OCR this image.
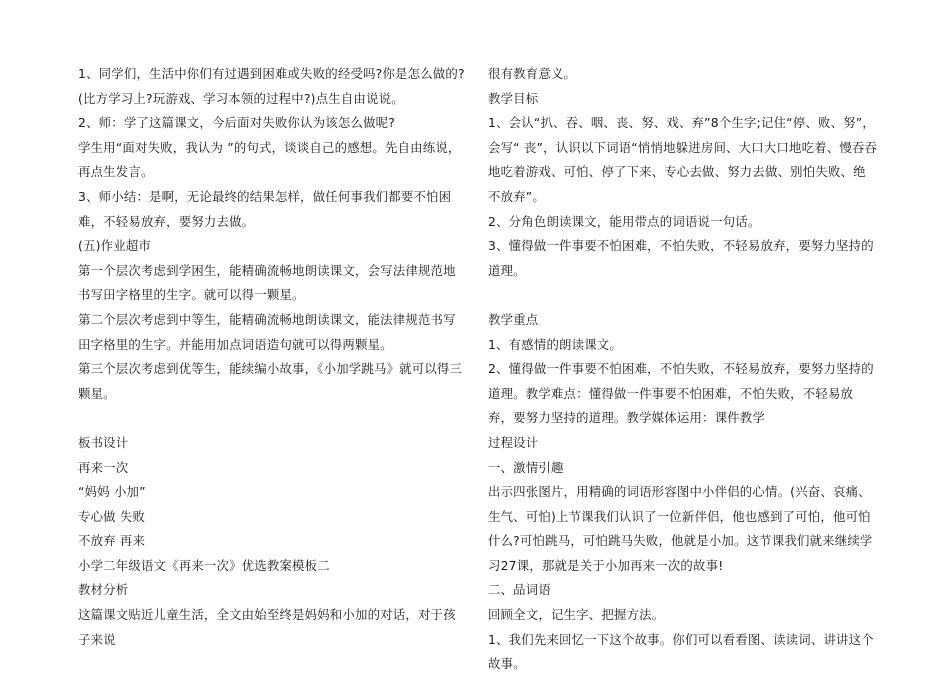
1、同学们，生活中你们有过遇到困难或失败的经受吗?你是怎么做的?(比方学习上?玩游戏、学习本领的过程中?)点生自由说说。

2、师：学了这篇课文，今后面对失败你认为该怎么做呢?

学生用“面对失败，我认为 ”的句式，谈谈自己的感想。先自由练说，再点生发言。

3、师小结：是啊，无论最终的结果怎样，做任何事我们都要不怕困难，不轻易放弃，要努力去做。

(五)作业超市

第一个层次考虑到学困生，能精确流畅地朗读课文，会写法律规范地书写田字格里的生字。就可以得一颗星。

第二个层次考虑到中等生，能精确流畅地朗读课文，能法律规范书写田字格里的生字。并能用加点词语造句就可以得两颗星。

第三个层次考虑到优等生，能续编小故事，《小加学跳马》就可以得三颗星。

板书设计

再来一次

“妈妈 小加”

专心做 失败

不放弃 再来

小学二年级语文《再来一次》优选教案模板二

教材分析

这篇课文贴近儿童生活，全文由始至终是妈妈和小加的对话，对于孩子来说

很有教育意义。

教学目标

1、会认“扒、吞、咽、丧、努、戏、弃”8个生字;记住“停、败、努”，会写“ 丧”，认识以下词语“悄悄地躲进房间、大口大口地吃着、慢吞吞地吃着游戏、可怕、停了下来、专心去做、努力去做、别怕失败、绝不放弃”。

2、分角色朗读课文，能用带点的词语说一句话。

3、懂得做一件事要不怕困难，不怕失败，不轻易放弃，要努力坚持的道理。

教学重点

1、有感情的朗读课文。

2、懂得做一件事要不怕困难，不怕失败，不轻易放弃，要努力坚持的道理。教学难点：懂得做一件事要不怕困难，不怕失败，不轻易放弃，要努力坚持的道理。教学媒体运用：课件教学

过程设计

一、激情引趣

出示四张图片，用精确的词语形容图中小伴侣的心情。(兴奋、哀痛、生气、可怕)上节课我们认识了一位新伴侣，他也感到了可怕，他可怕什么?可怕跳马，可怕跳马失败，他就是小加。这节课我们就来继续学习27课，那就是关于小加再来一次的故事!

二、品词语

回顾全文，记生字、把握方法。

1、我们先来回忆一下这个故事。你们可以看看图、读读词、讲讲这个故事。
